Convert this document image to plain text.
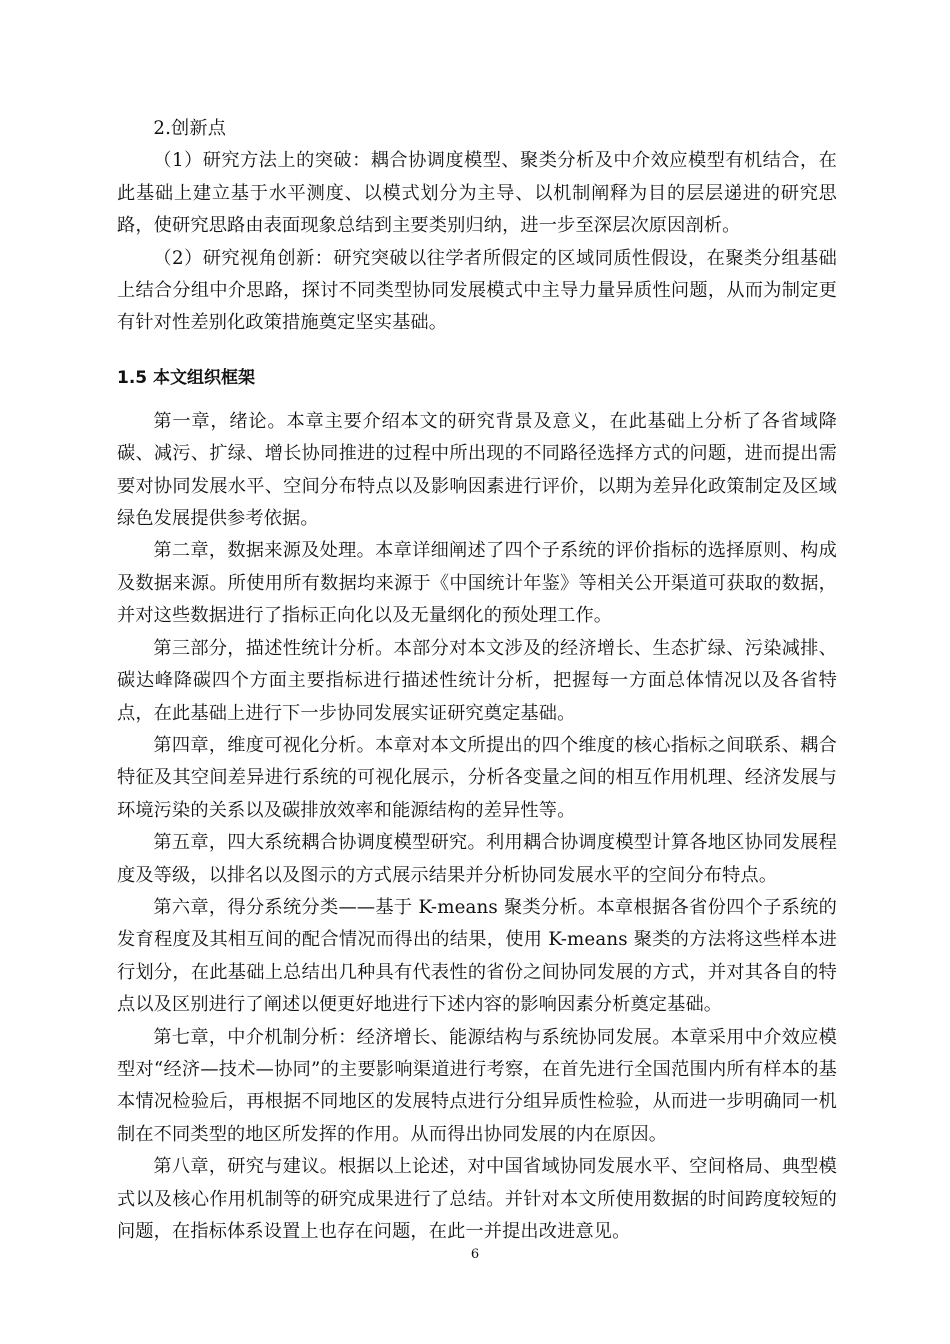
2.创新点

（1）研究方法上的突破：耦合协调度模型、聚类分析及中介效应模型有机结合，在此基础上建立基于水平测度、以模式划分为主导、以机制阐释为目的层层递进的研究思路，使研究思路由表面现象总结到主要类别归纳，进一步至深层次原因剖析。

（2）研究视角创新：研究突破以往学者所假定的区域同质性假设，在聚类分组基础上结合分组中介思路，探讨不同类型协同发展模式中主导力量异质性问题，从而为制定更有针对性差别化政策措施奠定坚实基础。

1.5 本文组织框架

第一章，绪论。本章主要介绍本文的研究背景及意义，在此基础上分析了各省域降碳、减污、扩绿、增长协同推进的过程中所出现的不同路径选择方式的问题，进而提出需要对协同发展水平、空间分布特点以及影响因素进行评价，以期为差异化政策制定及区域绿色发展提供参考依据。

第二章，数据来源及处理。本章详细阐述了四个子系统的评价指标的选择原则、构成及数据来源。所使用所有数据均来源于《中国统计年鉴》等相关公开渠道可获取的数据，并对这些数据进行了指标正向化以及无量纲化的预处理工作。

第三部分，描述性统计分析。本部分对本文涉及的经济增长、生态扩绿、污染减排、碳达峰降碳四个方面主要指标进行描述性统计分析，把握每一方面总体情况以及各省特点，在此基础上进行下一步协同发展实证研究奠定基础。

第四章，维度可视化分析。本章对本文所提出的四个维度的核心指标之间联系、耦合特征及其空间差异进行系统的可视化展示，分析各变量之间的相互作用机理、经济发展与环境污染的关系以及碳排放效率和能源结构的差异性等。

第五章，四大系统耦合协调度模型研究。利用耦合协调度模型计算各地区协同发展程度及等级，以排名以及图示的方式展示结果并分析协同发展水平的空间分布特点。

第六章，得分系统分类——基于 K-means 聚类分析。本章根据各省份四个子系统的发育程度及其相互间的配合情况而得出的结果，使用 K-means 聚类的方法将这些样本进行划分，在此基础上总结出几种具有代表性的省份之间协同发展的方式，并对其各自的特点以及区别进行了阐述以便更好地进行下述内容的影响因素分析奠定基础。

第七章，中介机制分析：经济增长、能源结构与系统协同发展。本章采用中介效应模型对“经济—技术—协同”的主要影响渠道进行考察，在首先进行全国范围内所有样本的基本情况检验后，再根据不同地区的发展特点进行分组异质性检验，从而进一步明确同一机制在不同类型的地区所发挥的作用。从而得出协同发展的内在原因。

第八章，研究与建议。根据以上论述，对中国省域协同发展水平、空间格局、典型模式以及核心作用机制等的研究成果进行了总结。并针对本文所使用数据的时间跨度较短的问题，在指标体系设置上也存在问题，在此一并提出改进意见。

6
